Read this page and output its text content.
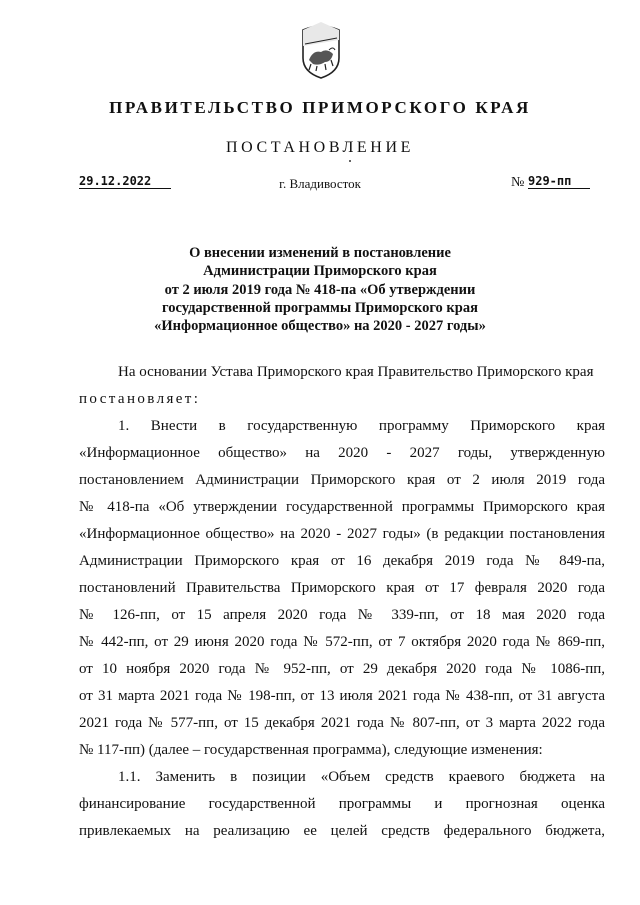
ПРАВИТЕЛЬСТВО ПРИМОРСКОГО КРАЯ
ПОСТАНОВЛЕНИЕ
29.12.2022	г. Владивосток	№ 929-пп
О внесении изменений в постановление
Администрации Приморского края
от 2 июля 2019 года № 418-па «Об утверждении
государственной программы Приморского края
«Информационное общество» на 2020 - 2027 годы»
На основании Устава Приморского края Правительство Приморского края
постановляет:
1. Внести в государственную программу Приморского края
«Информационное общество» на 2020 - 2027 годы, утвержденную
постановлением Администрации Приморского края от 2 июля 2019 года
№ 418-па «Об утверждении государственной программы Приморского края
«Информационное общество» на 2020 - 2027 годы» (в редакции постановления
Администрации Приморского края от 16 декабря 2019 года № 849-па,
постановлений Правительства Приморского края от 17 февраля 2020 года
№ 126-пп, от 15 апреля 2020 года № 339-пп, от 18 мая 2020 года
№ 442-пп, от 29 июня 2020 года № 572-пп, от 7 октября 2020 года № 869-пп,
от 10 ноября 2020 года № 952-пп, от 29 декабря 2020 года № 1086-пп,
от 31 марта 2021 года № 198-пп, от 13 июля 2021 года № 438-пп, от 31 августа
2021 года № 577-пп, от 15 декабря 2021 года № 807-пп, от 3 марта 2022 года
№ 117-пп) (далее – государственная программа), следующие изменения:
1.1. Заменить в позиции «Объем средств краевого бюджета на
финансирование государственной программы и прогнозная оценка
привлекаемых на реализацию ее целей средств федерального бюджета,
